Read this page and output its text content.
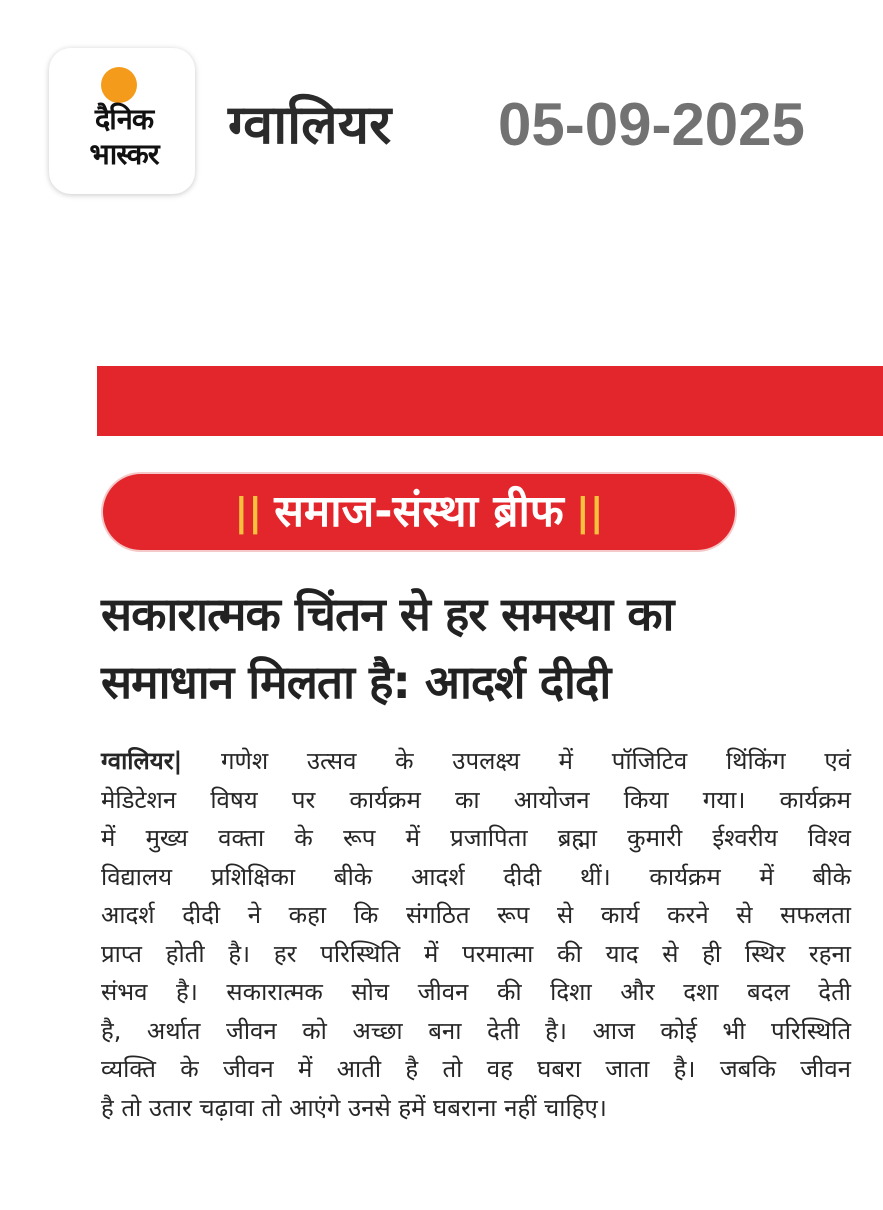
दैनिक
भास्कर	ग्वालियर 05-09-2025
|| समाज-संस्था ब्रीफ ||
सकारात्मक चिंतन से हर समस्या का
समाधान मिलता है: आदर्श दीदी
ग्वालियर| गणेश उत्सव के उपलक्ष्य में पॉजिटिव थिंकिंग एवं
मेडिटेशन विषय पर कार्यक्रम का आयोजन किया गया। कार्यक्रम
में मुख्य वक्ता के रूप में प्रजापिता ब्रह्मा कुमारी ईश्वरीय विश्व
विद्यालय प्रशिक्षिका बीके आदर्श दीदी थीं। कार्यक्रम में बीके
आदर्श दीदी ने कहा कि संगठित रूप से कार्य करने से सफलता
प्राप्त होती है। हर परिस्थिति में परमात्मा की याद से ही स्थिर रहना
संभव है। सकारात्मक सोच जीवन की दिशा और दशा बदल देती
है, अर्थात जीवन को अच्छा बना देती है। आज कोई भी परिस्थिति
व्यक्ति के जीवन में आती है तो वह घबरा जाता है। जबकि जीवन
है तो उतार चढ़ावा तो आएंगे उनसे हमें घबराना नहीं चाहिए।
